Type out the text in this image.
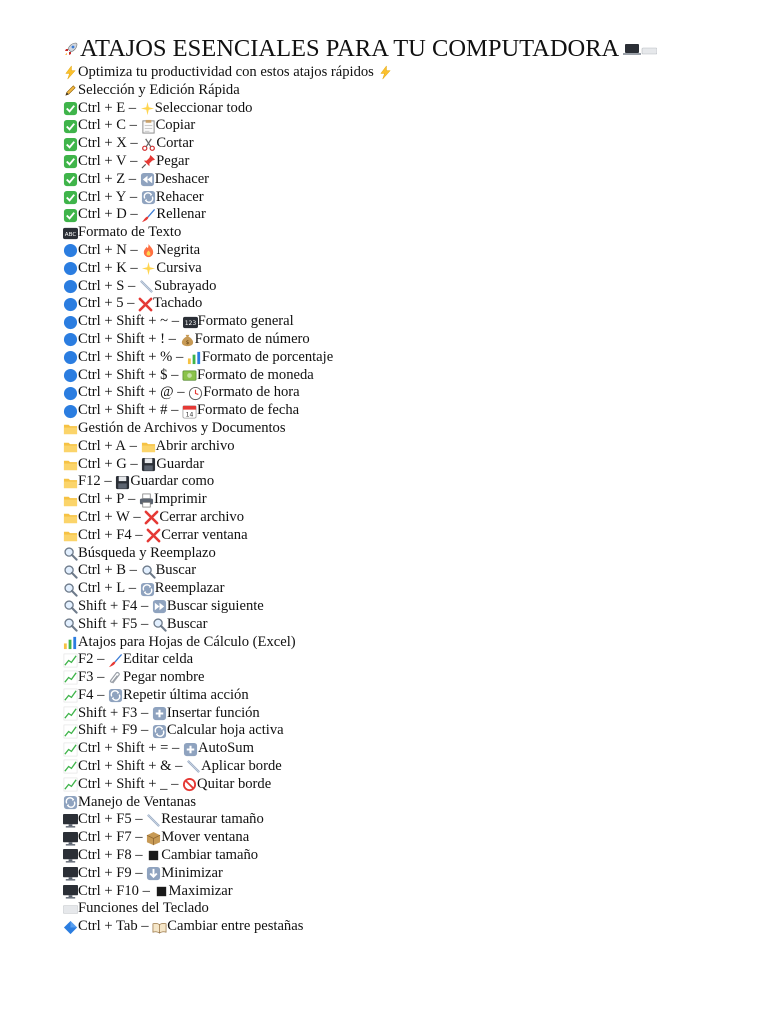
ATAJOS ESENCIALES PARA TU COMPUTADORA
Optimiza tu productividad con estos atajos rápidos
Selección y Edición Rápida
Ctrl + E – Seleccionar todo
Ctrl + C – Copiar
Ctrl + X – Cortar
Ctrl + V – Pegar
Ctrl + Z – Deshacer
Ctrl + Y – Rehacer
Ctrl + D – Rellenar
ABC Formato de Texto
Ctrl + N – Negrita
Ctrl + K – Cursiva
Ctrl + S – Subrayado
Ctrl + 5 – Tachado
Ctrl + Shift + ~ – 123 Formato general
Ctrl + Shift + ! – $ Formato de número
Ctrl + Shift + % – Formato de porcentaje
Ctrl + Shift + $ – Formato de moneda
Ctrl + Shift + @ – Formato de hora
Ctrl + Shift + # – 14 Formato de fecha
Gestión de Archivos y Documentos
Ctrl + A – Abrir archivo
Ctrl + G – Guardar
F12 – Guardar como
Ctrl + P – Imprimir
Ctrl + W – Cerrar archivo
Ctrl + F4 – Cerrar ventana
Búsqueda y Reemplazo
Ctrl + B – Buscar
Ctrl + L – Reemplazar
Shift + F4 – Buscar siguiente
Shift + F5 – Buscar
Atajos para Hojas de Cálculo (Excel)
F2 – Editar celda
F3 – Pegar nombre
F4 – Repetir última acción
Shift + F3 – Insertar función
Shift + F9 – Calcular hoja activa
Ctrl + Shift + = – AutoSum
Ctrl + Shift + & – Aplicar borde
Ctrl + Shift + _ – Quitar borde
Manejo de Ventanas
Ctrl + F5 – Restaurar tamaño
Ctrl + F7 – Mover ventana
Ctrl + F8 – Cambiar tamaño
Ctrl + F9 – Minimizar
Ctrl + F10 – Maximizar
Funciones del Teclado
Ctrl + Tab – Cambiar entre pestañas
